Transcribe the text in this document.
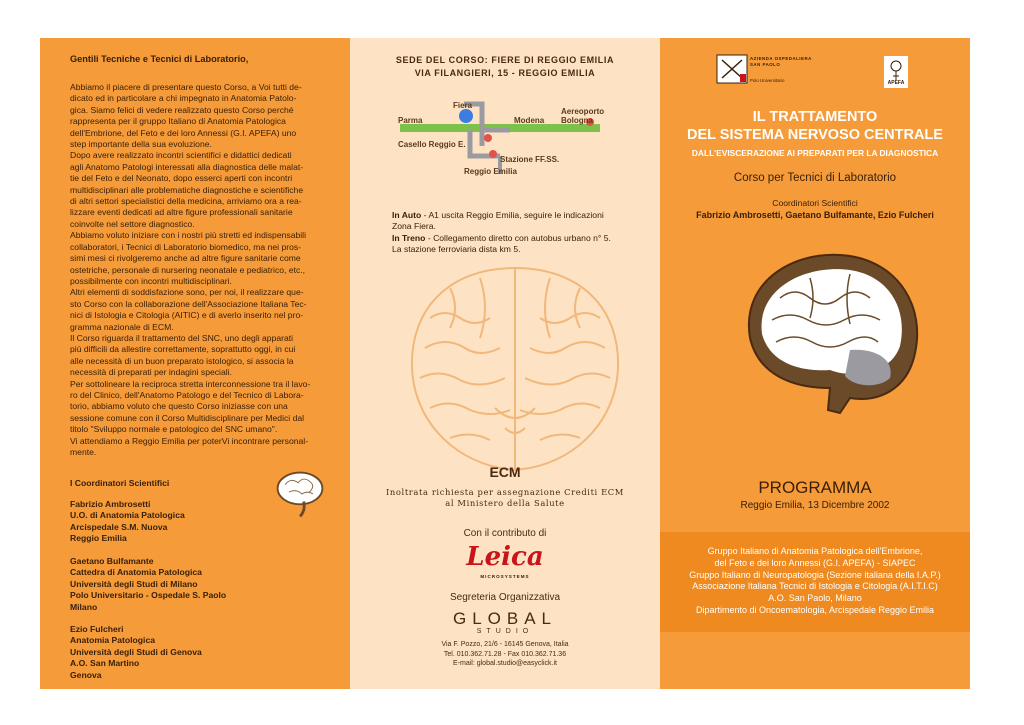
Gentili Tecniche e Tecnici di Laboratorio,

Abbiamo il piacere di presentare questo Corso, a Voi tutti de-

dicato ed in particolare a chi impegnato in Anatomia Patolo-

gica. Siamo felici di vedere realizzato questo Corso perché

rappresenta per il gruppo Italiano di Anatomia Patologica

dell'Embrione, del Feto e dei loro Annessi (G.I. APEFA) uno

step importante della sua evoluzione.

Dopo avere realizzato incontri scientifici e didattici dedicati

agli Anatomo Patologi interessati alla diagnostica delle malat-

tie del Feto e del Neonato, dopo esserci aperti con incontri

multidisciplinari alle problematiche diagnostiche e scientifiche

di altri settori specialistici della medicina, arriviamo ora a rea-

lizzare eventi dedicati ad altre figure professionali sanitarie

coinvolte nel settore diagnostico.

Abbiamo voluto iniziare con i nostri più stretti ed indispensabili

collaboratori, i Tecnici di Laboratorio biomedico, ma nei pros-

simi mesi ci rivolgeremo anche ad altre figure sanitarie come

ostetriche, personale di nursering neonatale e pediatrico, etc.,

possibilmente con incontri multidisciplinari.

Altri elementi di soddisfazione sono, per noi, il realizzare que-

sto Corso con la collaborazione dell'Associazione Italiana Tec-

nici di Istologia e Citologia (AITIC) e di averlo inserito nel pro-

gramma nazionale di ECM.

Il Corso riguarda il trattamento del SNC, uno degli apparati

più difficili da allestire correttamente, soprattutto oggi, in cui

alle necessità di un buon preparato istologico, si associa la

necessità di preparati per indagini speciali.

Per sottolineare la reciproca stretta interconnessione tra il lavo-

ro del Clinico, dell'Anatomo Patologo e del Tecnico di Labora-

torio, abbiamo voluto che questo Corso iniziasse con una

sessione comune con il Corso Multidisciplinare per Medici dal

titolo "Sviluppo normale e patologico del SNC umano".

Vi attendiamo a Reggio Emilia per poterVi incontrare personal-

mente.

I Coordinatori Scientifici
Fabrizio Ambrosetti
U.O. di Anatomia Patologica
Arcispedale S.M. Nuova
Reggio Emilia
Gaetano Bulfamante
Cattedra di Anatomia Patologica
Università degli Studi di Milano
Polo Universitario - Ospedale S. Paolo
Milano
Ezio Fulcheri
Anatomia Patologica
Università degli Studi di Genova
A.O. San Martino
Genova
SEDE DEL CORSO: FIERE DI REGGIO EMILIA
VIA FILANGIERI, 15 - REGGIO EMILIA
Fiera
Parma	Modena
Aereoporto
Bologna
Casello Reggio E.
Stazione FF.SS.
Reggio Emilia
In Auto - A1 uscita Reggio Emilia, seguire le indicazioni
Zona Fiera.
In Treno - Collegamento diretto con autobus urbano n° 5.
La stazione ferroviaria dista km 5.
ECM
Inoltrata richiesta per assegnazione Crediti ECM
al Ministero della Salute
Con il contributo di
Leica
MICROSYSTEMS
Segreteria Organizzativa
GLOBAL
STUDIO
Via F. Pozzo, 21/6 - 16145 Genova, Italia
Tel. 010.362.71.28 - Fax 010.362.71.36
E-mail: global.studio@easyclick.it
AZIENDA OSPEDALIERA
SAN PAOLO
Polo Universitario	APEFA
IL TRATTAMENTO
DEL SISTEMA NERVOSO CENTRALE
DALL'EVISCERAZIONE AI PREPARATI PER LA DIAGNOSTICA
Corso per Tecnici di Laboratorio
Coordinatori Scientifici
Fabrizio Ambrosetti, Gaetano Bulfamante, Ezio Fulcheri
PROGRAMMA
Reggio Emilia, 13 Dicembre 2002
Gruppo Italiano di Anatomia Patologica dell'Embrione,
del Feto e dei loro Annessi (G.I. APEFA) - SIAPEC
Gruppo Italiano di Neuropatologia (Sezione italiana della I.A.P.)
Associazione Italiana Tecnici di Istologia e Citologia (A.I.T.I.C)
A.O. San Paolo, Milano
Dipartimento di Oncoematologia, Arcispedale Reggio Emilia
